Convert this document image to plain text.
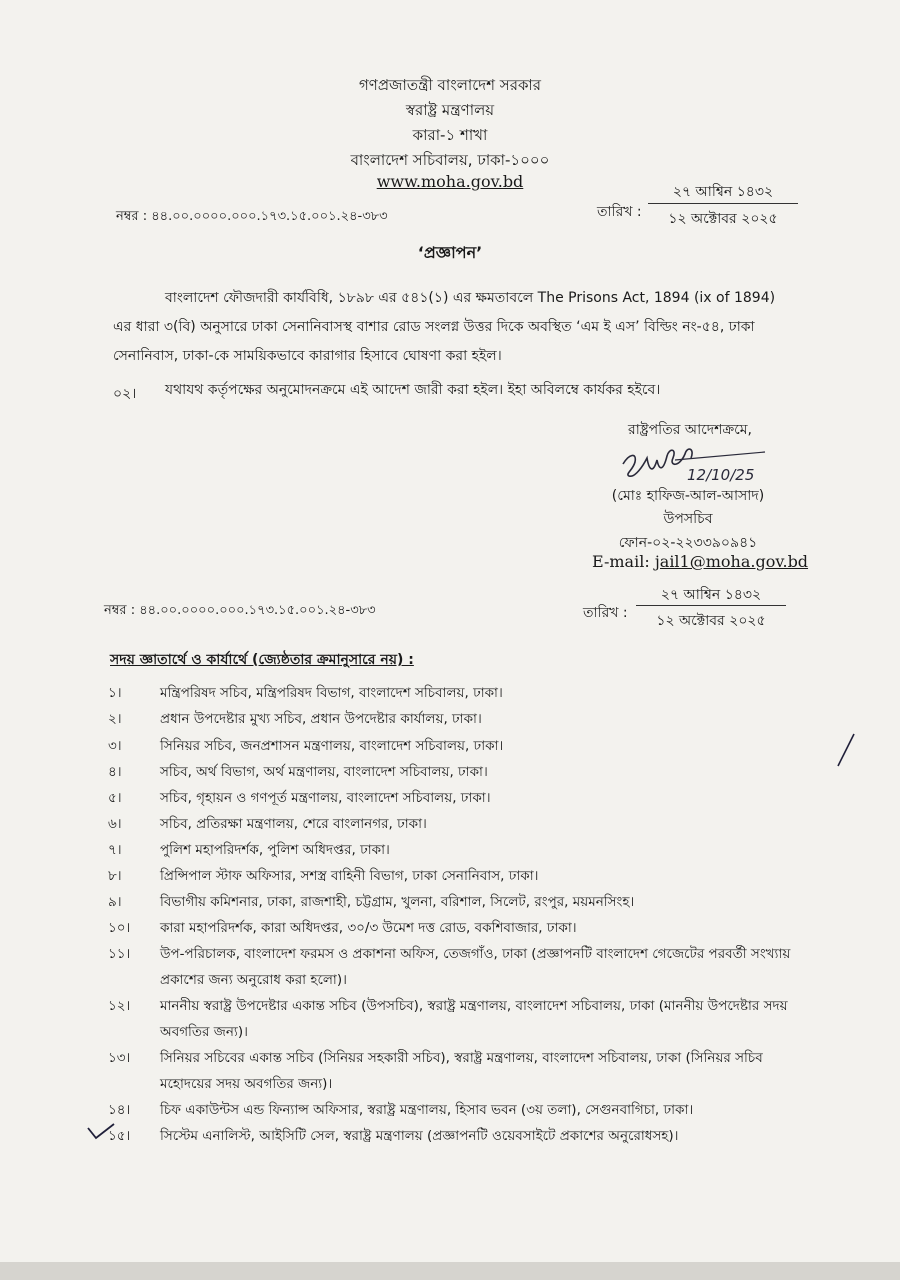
গণপ্রজাতন্ত্রী বাংলাদেশ সরকার
স্বরাষ্ট্র মন্ত্রণালয়
কারা-১ শাখা
বাংলাদেশ সচিবালয়, ঢাকা-১০০০
www.moha.gov.bd
নম্বর : ৪৪.০০.০০০০.০০০.১৭৩.১৫.০০১.২৪-৩৮৩	তারিখ :
২৭ আশ্বিন ১৪৩২
১২ অক্টোবর ২০২৫
‘প্রজ্ঞাপন’
বাংলাদেশ ফৌজদারী কার্যবিধি, ১৮৯৮ এর ৫৪১(১) এর ক্ষমতাবলে The Prisons Act, 1894 (ix of 1894) এর ধারা ৩(বি) অনুসারে ঢাকা সেনানিবাসস্থ বাশার রোড সংলগ্ন উত্তর দিকে অবস্থিত ‘এম ই এস’ বিল্ডিং নং-৫৪, ঢাকা সেনানিবাস, ঢাকা-কে সাময়িকভাবে কারাগার হিসাবে ঘোষণা করা হইল।
০২। যথাযথ কর্তৃপক্ষের অনুমোদনক্রমে এই আদেশ জারী করা হইল। ইহা অবিলম্বে কার্যকর হইবে।
রাষ্ট্রপতির আদেশক্রমে,
12/10/25
(মোঃ হাফিজ-আল-আসাদ)
উপসচিব
ফোন-০২-২২৩৩৯০৯৪১
E-mail: jail1@moha.gov.bd
নম্বর : ৪৪.০০.০০০০.০০০.১৭৩.১৫.০০১.২৪-৩৮৩	তারিখ :
২৭ আশ্বিন ১৪৩২
১২ অক্টোবর ২০২৫
সদয় জ্ঞাতার্থে ও কার্যার্থে (জ্যেষ্ঠতার ক্রমানুসারে নয়) :
১।	মন্ত্রিপরিষদ সচিব, মন্ত্রিপরিষদ বিভাগ, বাংলাদেশ সচিবালয়, ঢাকা।
২।	প্রধান উপদেষ্টার মুখ্য সচিব, প্রধান উপদেষ্টার কার্যালয়, ঢাকা।
৩।	সিনিয়র সচিব, জনপ্রশাসন মন্ত্রণালয়, বাংলাদেশ সচিবালয়, ঢাকা।
৪।	সচিব, অর্থ বিভাগ, অর্থ মন্ত্রণালয়, বাংলাদেশ সচিবালয়, ঢাকা।
৫।	সচিব, গৃহায়ন ও গণপূর্ত মন্ত্রণালয়, বাংলাদেশ সচিবালয়, ঢাকা।
৬।	সচিব, প্রতিরক্ষা মন্ত্রণালয়, শেরে বাংলানগর, ঢাকা।
৭।	পুলিশ মহাপরিদর্শক, পুলিশ অধিদপ্তর, ঢাকা।
৮।	প্রিন্সিপাল স্টাফ অফিসার, সশস্ত্র বাহিনী বিভাগ, ঢাকা সেনানিবাস, ঢাকা।
৯।	বিভাগীয় কমিশনার, ঢাকা, রাজশাহী, চট্টগ্রাম, খুলনা, বরিশাল, সিলেট, রংপুর, ময়মনসিংহ।
১০।	কারা মহাপরিদর্শক, কারা অধিদপ্তর, ৩০/৩ উমেশ দত্ত রোড, বকশিবাজার, ঢাকা।
১১।	উপ-পরিচালক, বাংলাদেশ ফরমস ও প্রকাশনা অফিস, তেজগাঁও, ঢাকা (প্রজ্ঞাপনটি বাংলাদেশ গেজেটের পরবর্তী সংখ্যায় প্রকাশের জন্য অনুরোধ করা হলো)।
১২।	মাননীয় স্বরাষ্ট্র উপদেষ্টার একান্ত সচিব (উপসচিব), স্বরাষ্ট্র মন্ত্রণালয়, বাংলাদেশ সচিবালয়, ঢাকা (মাননীয় উপদেষ্টার সদয় অবগতির জন্য)।
১৩।	সিনিয়র সচিবের একান্ত সচিব (সিনিয়র সহকারী সচিব), স্বরাষ্ট্র মন্ত্রণালয়, বাংলাদেশ সচিবালয়, ঢাকা (সিনিয়র সচিব মহোদয়ের সদয় অবগতির জন্য)।
১৪।	চিফ একাউন্টস এন্ড ফিন্যান্স অফিসার, স্বরাষ্ট্র মন্ত্রণালয়, হিসাব ভবন (৩য় তলা), সেগুনবাগিচা, ঢাকা।
১৫।	সিস্টেম এনালিস্ট, আইসিটি সেল, স্বরাষ্ট্র মন্ত্রণালয় (প্রজ্ঞাপনটি ওয়েবসাইটে প্রকাশের অনুরোধসহ)।
